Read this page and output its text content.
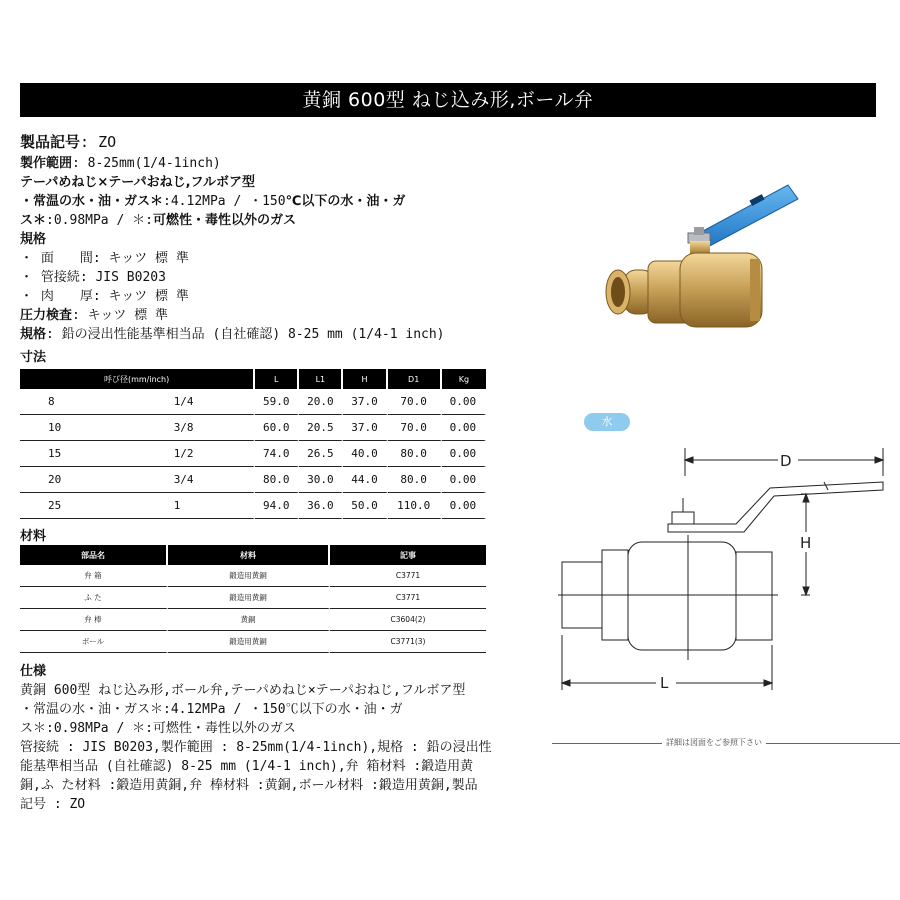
黄銅 600型 ねじ込み形,ボール弁
製品記号: ZO
製作範囲: 8-25mm(1/4-1inch)
テーパめねじ×テーパおねじ,フルボア型
・常温の水・油・ガス＊:4.12MPa / ・150℃以下の水・油・ガ
ス＊:0.98MPa / ＊:可燃性・毒性以外のガス
規格
・ 面　　間: キッツ 標 準
・ 管接続: JIS B0203
・ 肉　　厚: キッツ 標 準
圧力検査: キッツ 標 準
規格: 鉛の浸出性能基準相当品 (自社確認) 8-25 mm (1/4-1 inch)
寸法
呼び径(mm/inch)		L	L1	H	D1	Kg
8	1/4	59.0	20.0	37.0	70.0	0.00
10	3/8	60.0	20.5	37.0	70.0	0.00
15	1/2	74.0	26.5	40.0	80.0	0.00
20	3/4	80.0	30.0	44.0	80.0	0.00
25	1	94.0	36.0	50.0	110.0	0.00
材料
部品名	材料	記事
弁 箱	鍛造用黄銅	C3771
ふ た	鍛造用黄銅	C3771
弁 棒	黄銅	C3604(2)
ボール	鍛造用黄銅	C3771(3)
仕様
黄銅 600型 ねじ込み形,ボール弁,テーパめねじ×テーパおねじ,フルボア型
・常温の水・油・ガス＊:4.12MPa / ・150℃以下の水・油・ガ
ス＊:0.98MPa / ＊:可燃性・毒性以外のガス
管接続 : JIS B0203,製作範囲 : 8-25mm(1/4-1inch),規格 : 鉛の浸出性
能基準相当品 (自社確認) 8-25 mm (1/4-1 inch),弁 箱材料 :鍛造用黄
銅,ふ た材料 :鍛造用黄銅,弁 棒材料 :黄銅,ボール材料 :鍛造用黄銅,製品
記号 : ZO
水
D
H
L
詳細は図面をご参照下さい
